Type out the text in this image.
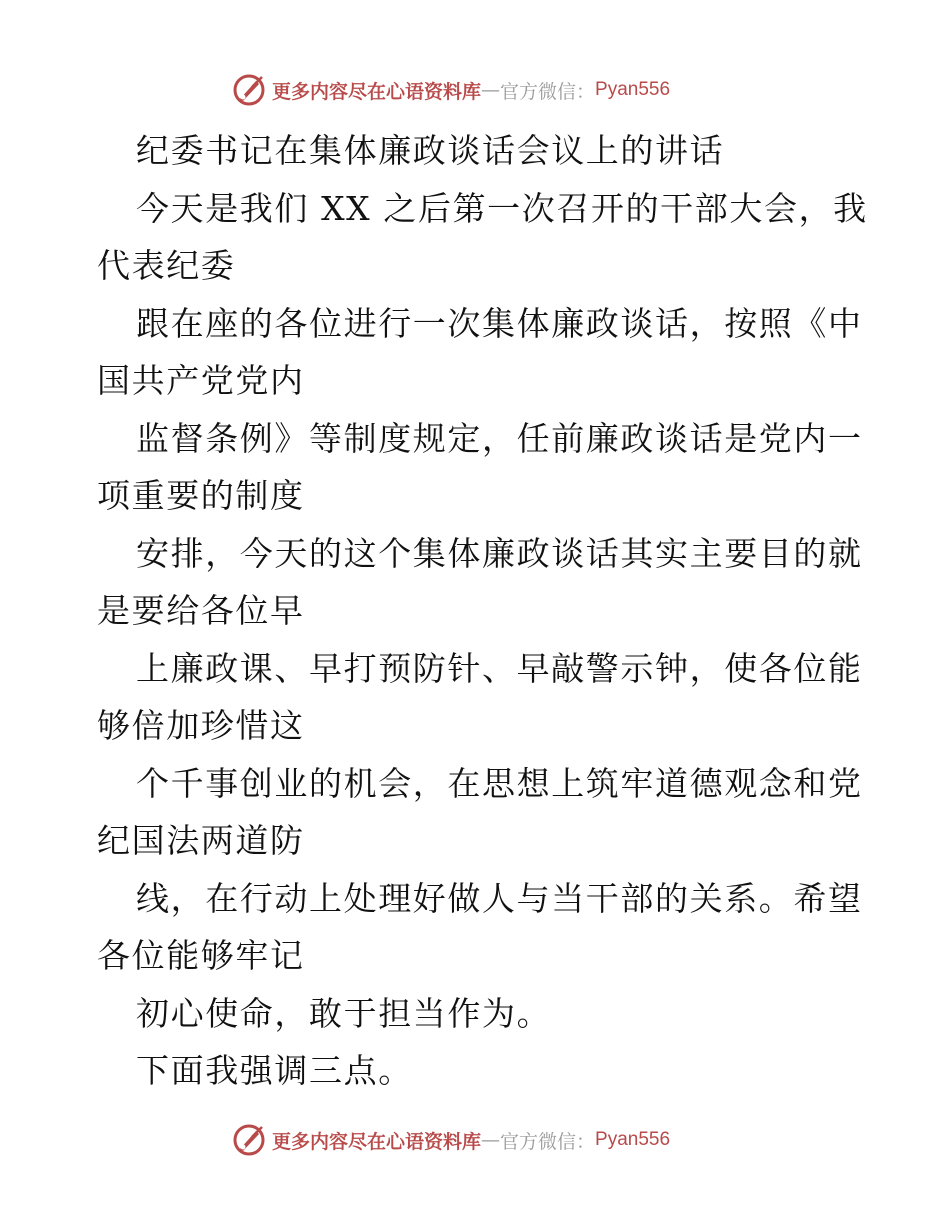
更多内容尽在心语资料库 — 官方微信： Pyan556
纪委书记在集体廉政谈话会议上的讲话
今天是我们 XX 之后第一次召开的干部大会，我
代表纪委
跟在座的各位进行一次集体廉政谈话，按照《中
国共产党党内
监督条例》等制度规定，任前廉政谈话是党内一
项重要的制度
安排，今天的这个集体廉政谈话其实主要目的就
是要给各位早
上廉政课、早打预防针、早敲警示钟，使各位能
够倍加珍惜这
个千事创业的机会，在思想上筑牢道德观念和党
纪国法两道防
线，在行动上处理好做人与当干部的关系。希望
各位能够牢记
初心使命，敢于担当作为。
下面我强调三点。
更多内容尽在心语资料库 — 官方微信： Pyan556
